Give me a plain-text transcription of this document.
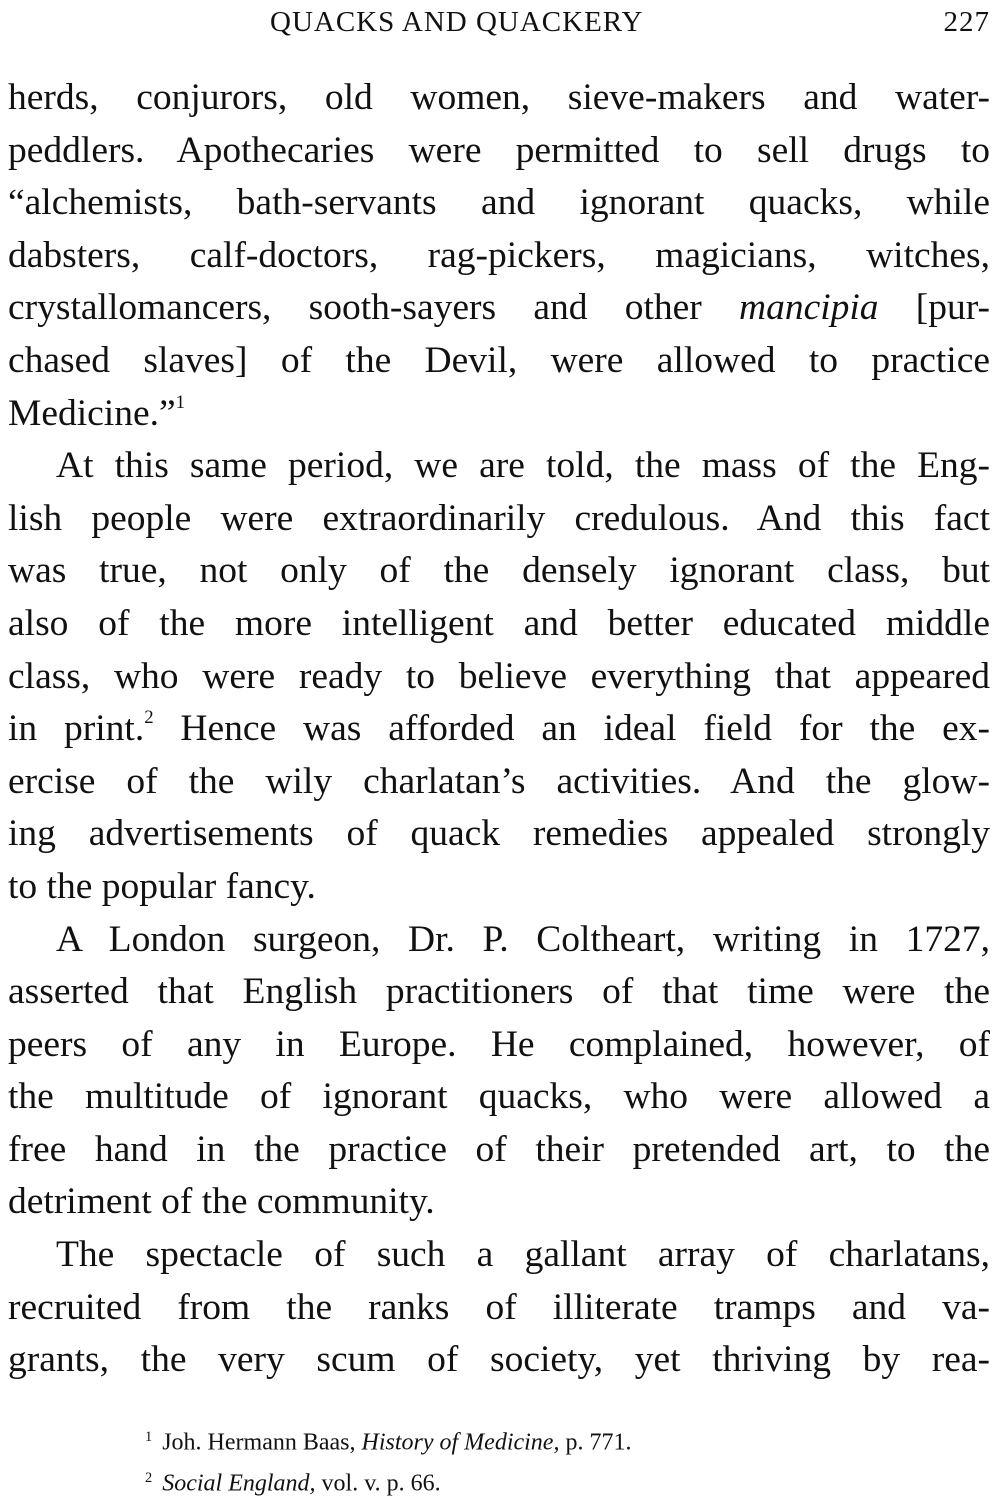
QUACKS AND QUACKERY	227
herds, conjurors, old women, sieve-makers and water-
peddlers. Apothecaries were permitted to sell drugs to
“alchemists, bath-servants and ignorant quacks, while
dabsters, calf-doctors, rag-pickers, magicians, witches,
crystallomancers, sooth-sayers and other mancipia [pur-
chased slaves] of the Devil, were allowed to practice
Medicine.”$^1$
At this same period, we are told, the mass of the Eng-
lish people were extraordinarily credulous. And this fact
was true, not only of the densely ignorant class, but
also of the more intelligent and better educated middle
class, who were ready to believe everything that appeared
in print.$^2$ Hence was afforded an ideal field for the ex-
ercise of the wily charlatan’s activities. And the glow-
ing advertisements of quack remedies appealed strongly
to the popular fancy.
A London surgeon, Dr. P. Coltheart, writing in 1727,
asserted that English practitioners of that time were the
peers of any in Europe. He complained, however, of
the multitude of ignorant quacks, who were allowed a
free hand in the practice of their pretended art, to the
detriment of the community.
The spectacle of such a gallant array of charlatans,
recruited from the ranks of illiterate tramps and va-
grants, the very scum of society, yet thriving by rea-
$^1$ Joh. Hermann Baas, History of Medicine, p. 771.
$^2$ Social England, vol. v. p. 66.
